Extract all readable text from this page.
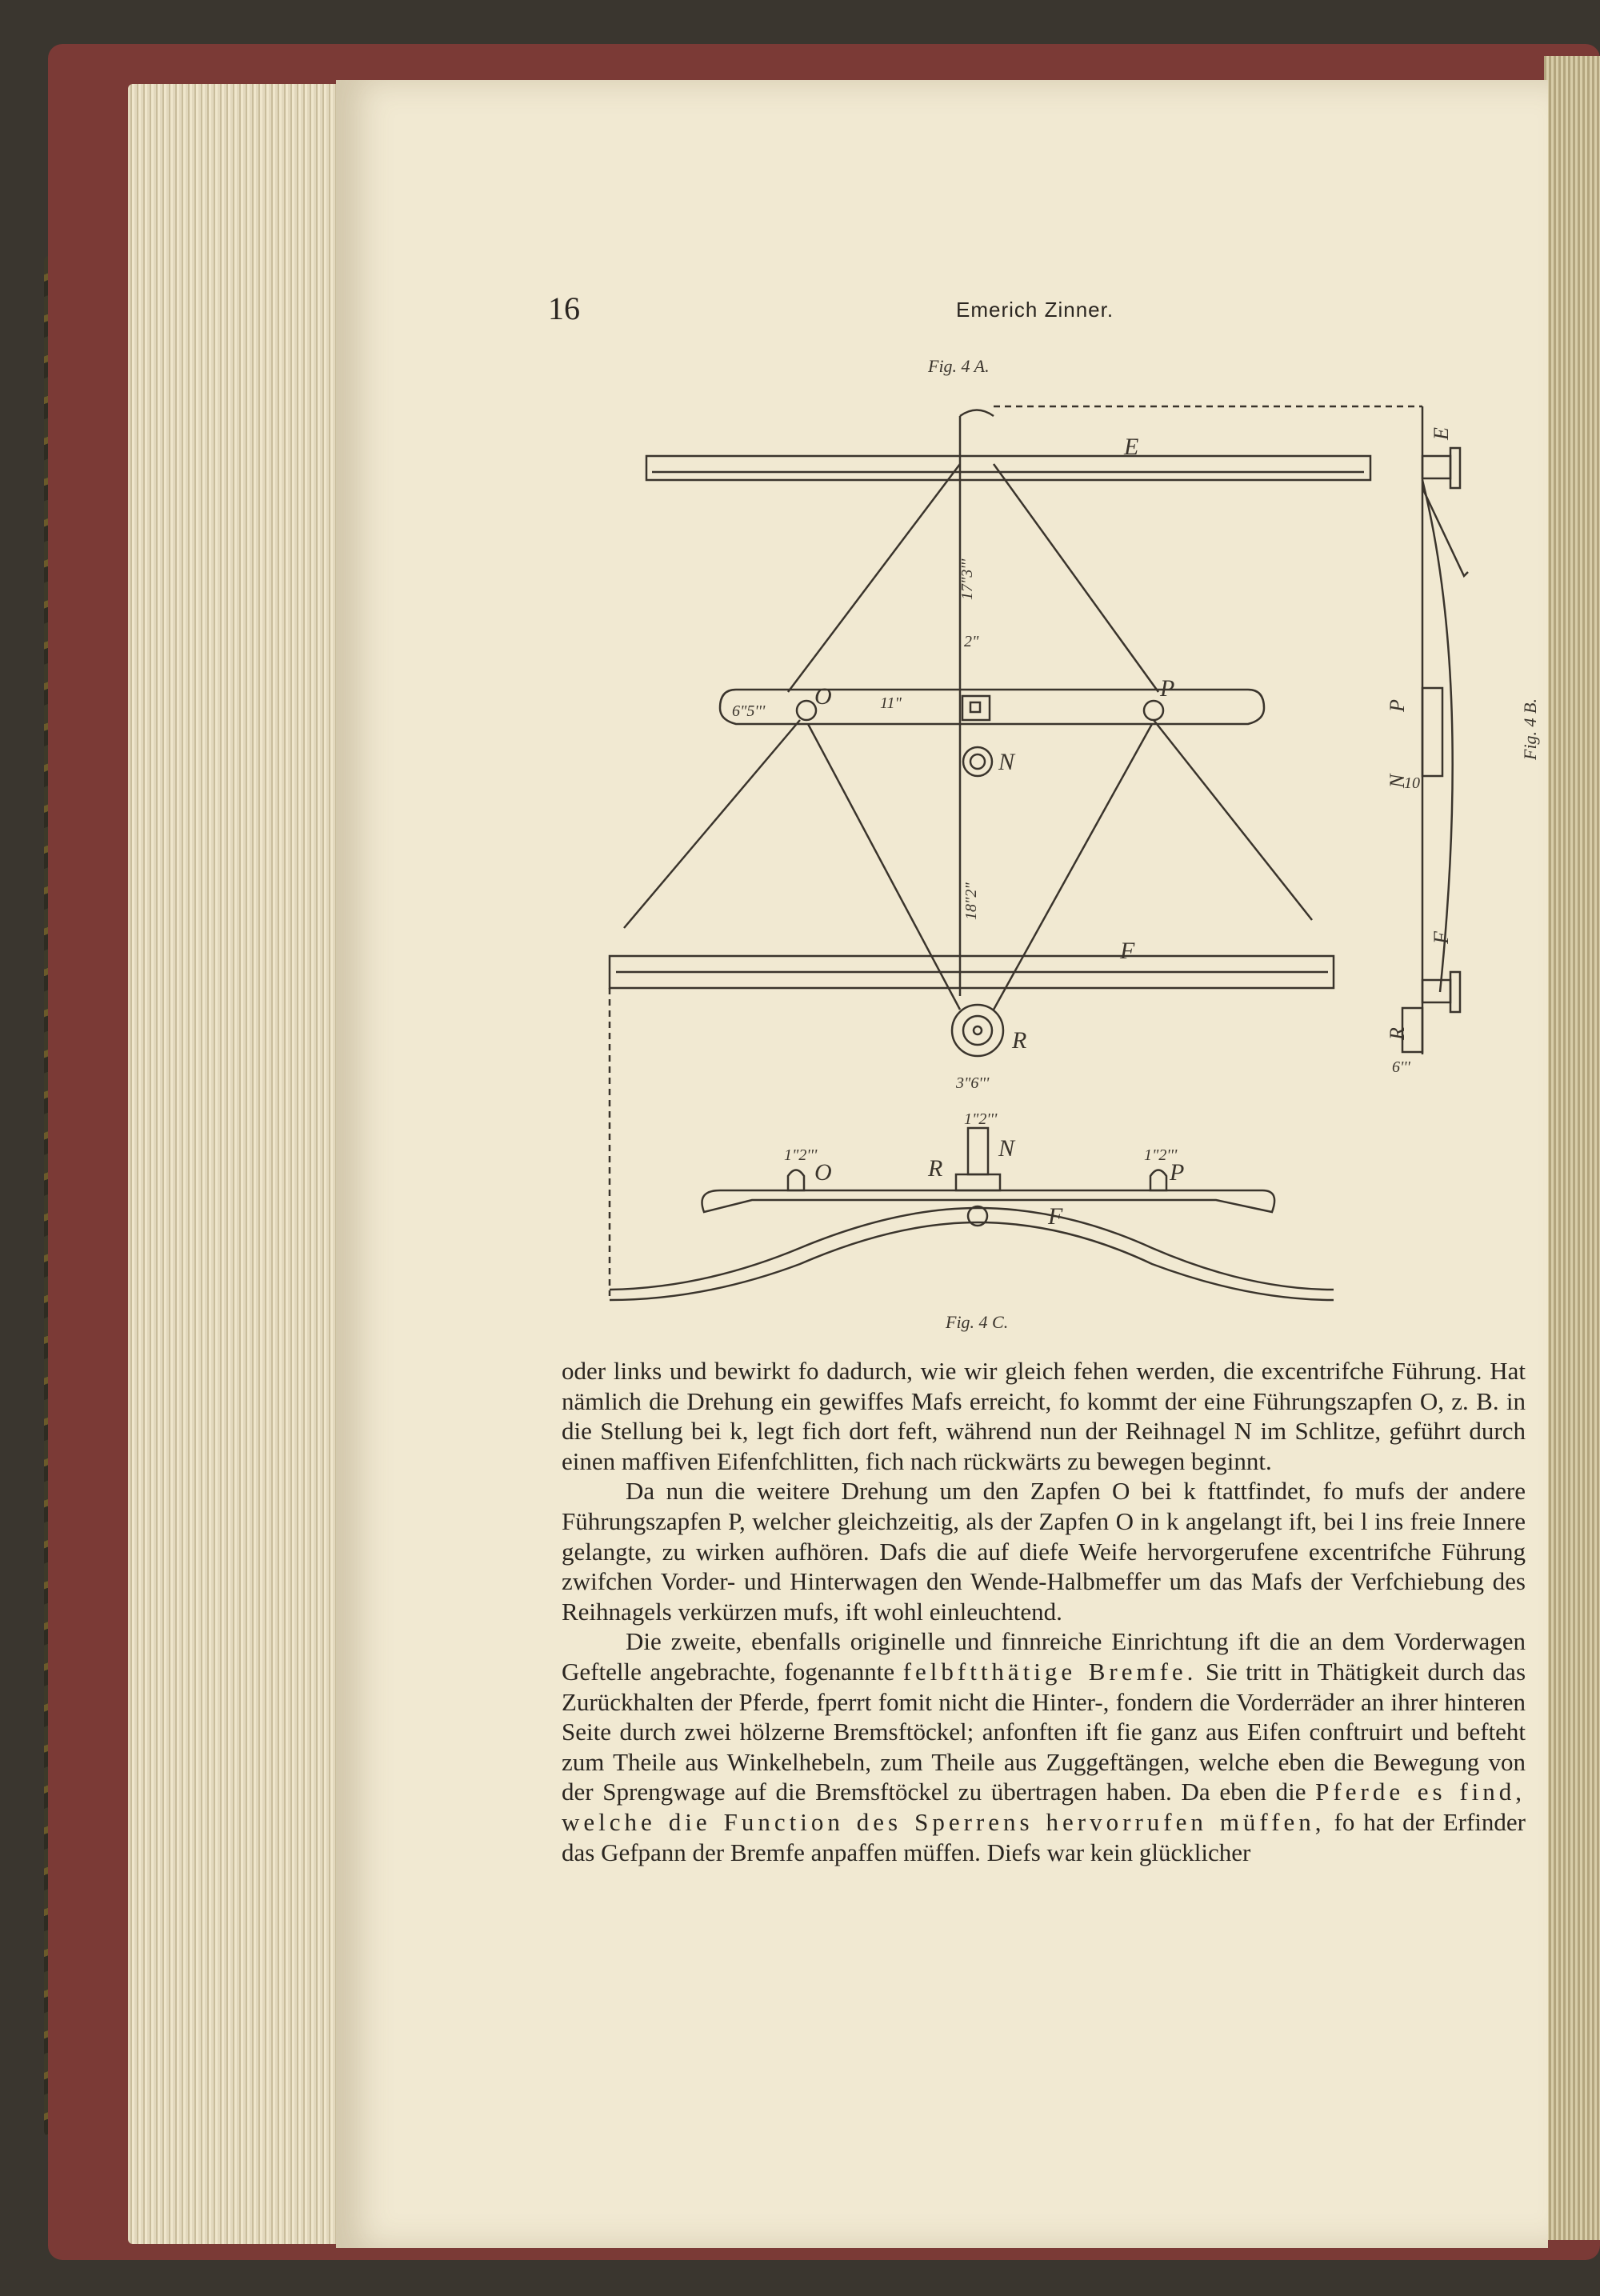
16	Emerich Zinner.
Fig. 4 A.
Fig. 4 C.
E
F
N
O	P
R
N
O	P
R
F
17"3'''
2"
6"5'''	11"
18"2"
3"6'''
1"2'''
1"2'''	1"2'''
6'''
10
E
P
N
F
R
Fig. 4 B.

oder links und bewirkt fo dadurch, wie wir gleich fehen werden, die excentrifche Führung. Hat nämlich die Drehung ein gewiffes Mafs erreicht, fo kommt der eine Führungszapfen O, z. B. in die Stellung bei k, legt fich dort feft, während nun der Reihnagel N im Schlitze, geführt durch einen maffiven Eifenfchlitten, fich nach rückwärts zu bewegen beginnt.

Da nun die weitere Drehung um den Zapfen O bei k ftattfindet, fo mufs der andere Führungszapfen P, welcher gleichzeitig, als der Zapfen O in k angelangt ift, bei l ins freie Innere gelangte, zu wirken aufhören. Dafs die auf diefe Weife hervorgerufene excentrifche Führung zwifchen Vorder- und Hinterwagen den Wende-Halbmeffer um das Mafs der Verfchiebung des Reihnagels verkürzen mufs, ift wohl einleuchtend.

Die zweite, ebenfalls originelle und finnreiche Einrichtung ift die an dem Vorderwagen Geftelle angebrachte, fogenannte felbftthätige Bremfe. Sie tritt in Thätigkeit durch das Zurückhalten der Pferde, fperrt fomit nicht die Hinter-, fondern die Vorderräder an ihrer hinteren Seite durch zwei hölzerne Bremsftöckel; anfonften ift fie ganz aus Eifen conftruirt und befteht zum Theile aus Winkelhebeln, zum Theile aus Zuggeftängen, welche eben die Bewegung von der Sprengwage auf die Bremsftöckel zu übertragen haben. Da eben die Pferde es find, welche die Function des Sperrens hervorrufen müffen, fo hat der Erfinder das Gefpann der Bremfe anpaffen müffen. Diefs war kein glücklicher
